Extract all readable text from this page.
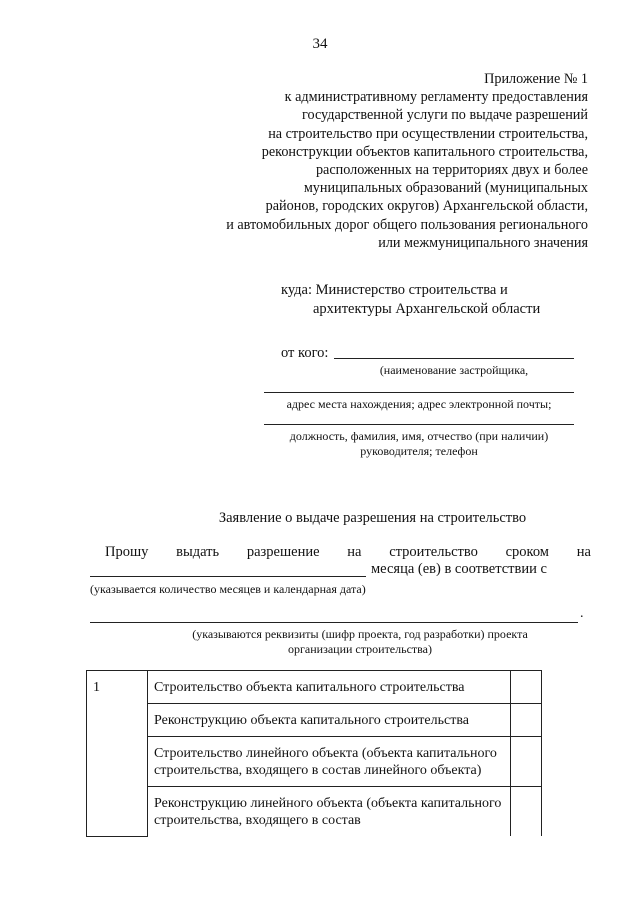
34
Приложение № 1
к административному регламенту предоставления
государственной услуги по выдаче разрешений
на строительство при осуществлении строительства,
реконструкции объектов капитального строительства,
расположенных на территориях двух и более
муниципальных образований (муниципальных
районов, городских округов) Архангельской области,
и автомобильных дорог общего пользования регионального
или межмуниципального значения
куда: Министерство строительства и
архитектуры Архангельской области
от кого:
(наименование застройщика,
адрес места нахождения; адрес электронной почты;
должность, фамилия, имя, отчество (при наличии)
руководителя; телефон
Заявление о выдаче разрешения на строительство
Прошу выдать разрешение на строительство сроком на
месяца (ев) в соответствии с
(указывается количество месяцев и календарная дата)
.
(указываются реквизиты (шифр проекта, год разработки) проекта
организации строительства)
1	Строительство объекта капитального строительства	
	Реконструкцию объекта капитального строительства	
	Строительство линейного объекта (объекта капитального строительства, входящего в состав линейного объекта)	
	Реконструкцию линейного объекта (объекта капитального строительства, входящего в состав	
